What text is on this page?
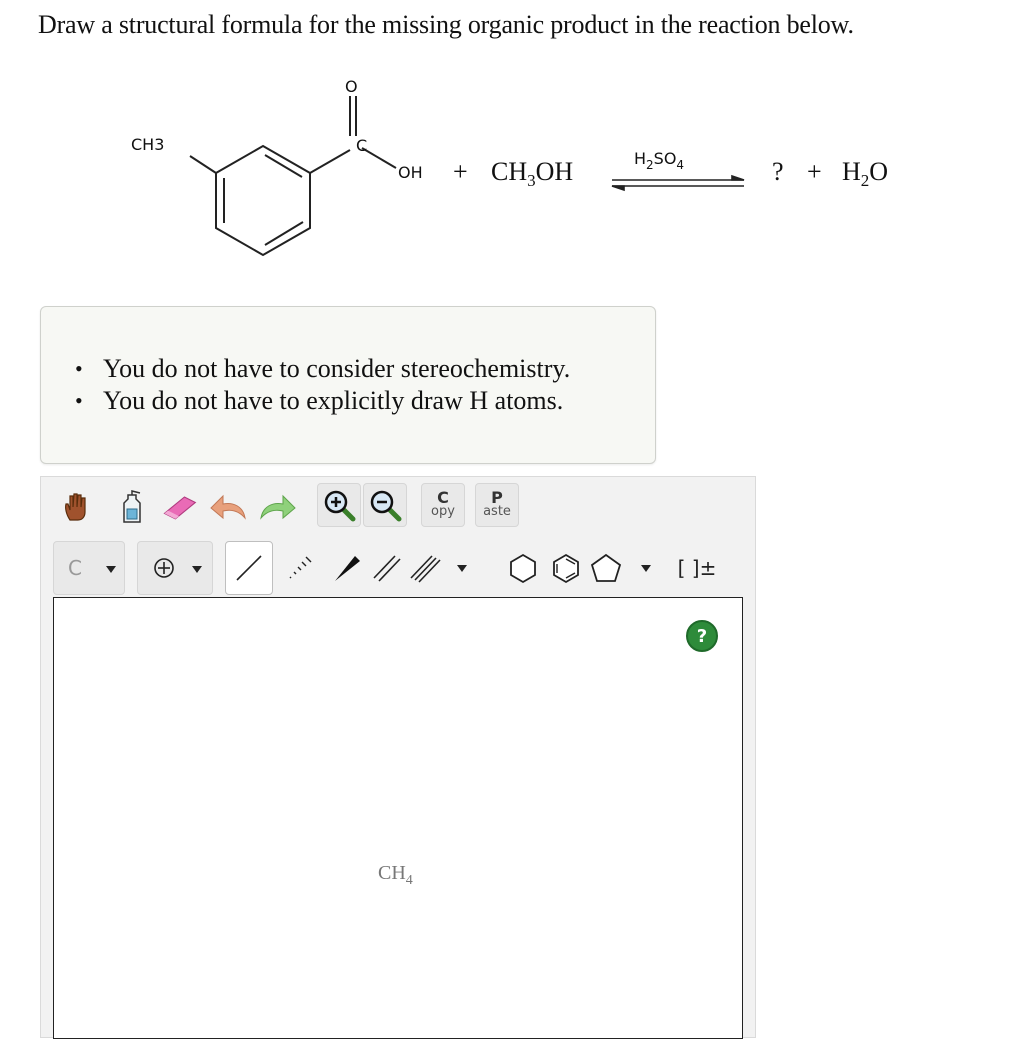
Draw a structural formula for the missing organic product in the reaction below.
CH3
O
C
OH + $CH_3OH$	$H_2SO_4$	? + $H_2O$
• You do not have to consider stereochemistry.
• You do not have to explicitly draw H atoms.
C
opy
P
aste
C	[ ]±
?
$CH_4$
